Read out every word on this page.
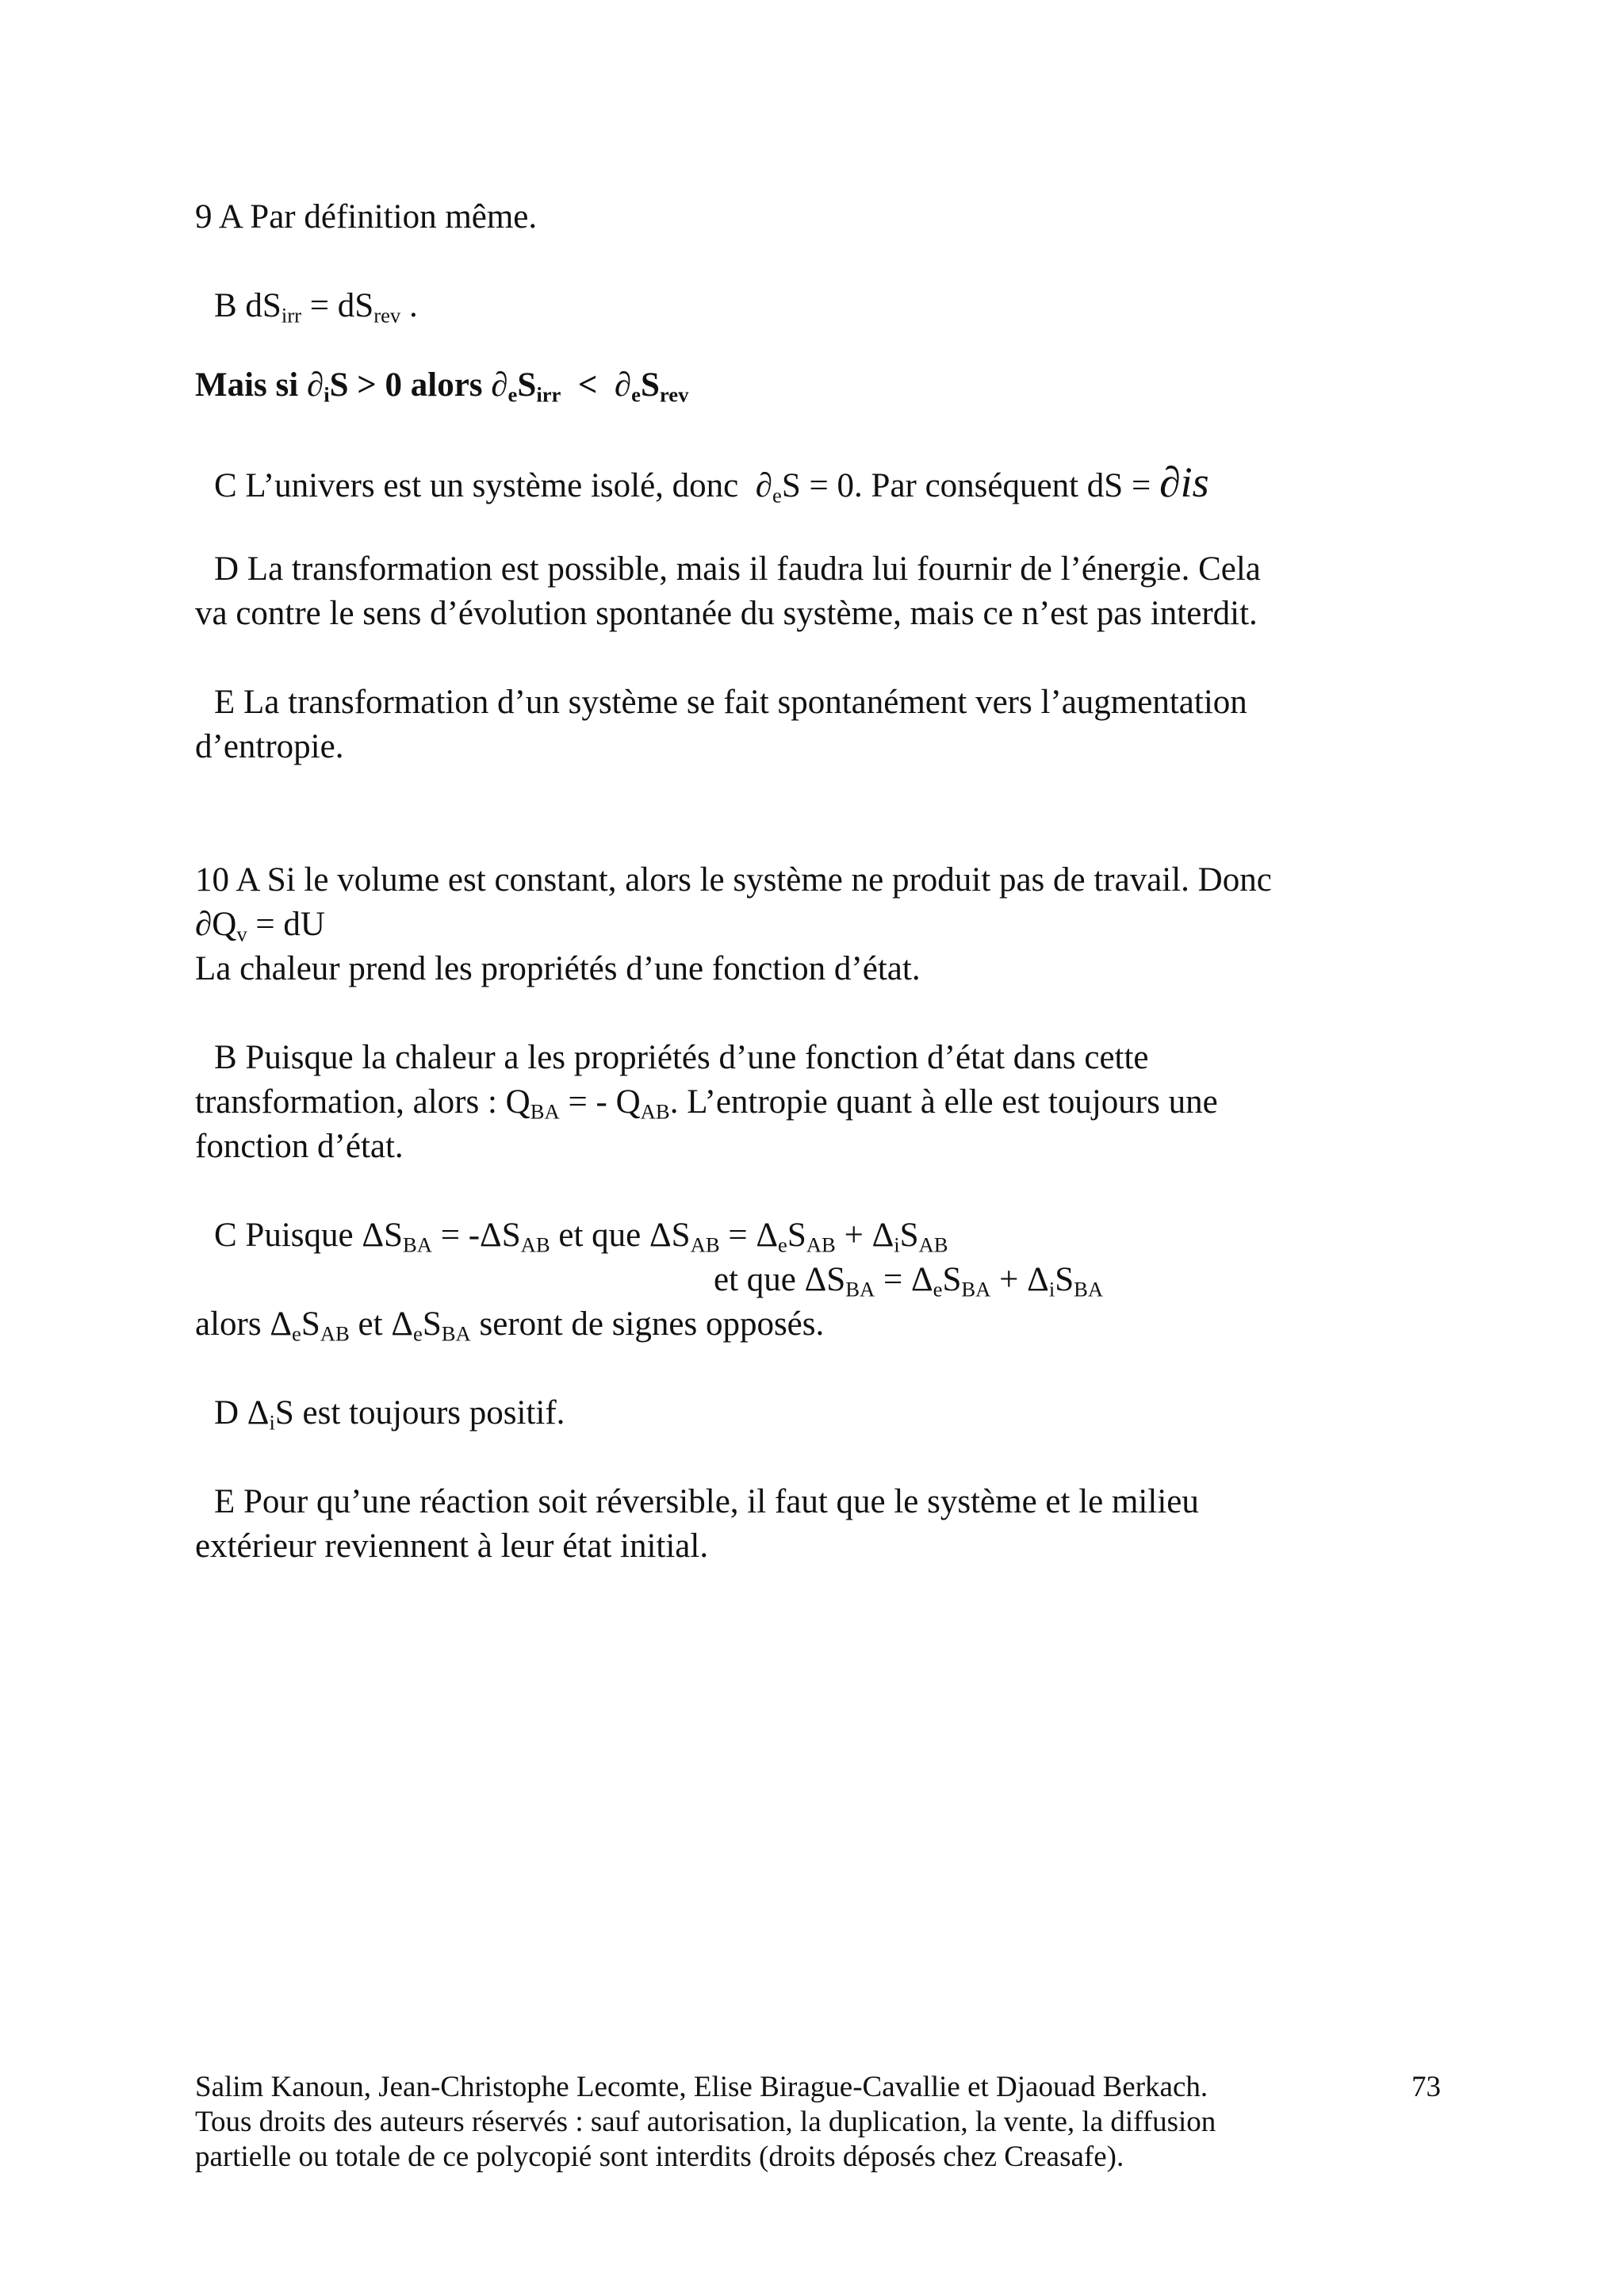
9 A Par définition même.
B $dS_{irr} = dS_{rev}$ .
Mais si $\partial_iS > 0$ alors $\partial_eS_{irr} < \partial_eS_{rev}$
C L’univers est un système isolé, donc  $\partial_eS = 0$. Par conséquent dS = ∂is
D La transformation est possible, mais il faudra lui fournir de l’énergie. Cela
va contre le sens d’évolution spontanée du système, mais ce n’est pas interdit.
E La transformation d’un système se fait spontanément vers l’augmentation
d’entropie.
10 A Si le volume est constant, alors le système ne produit pas de travail. Donc
$\partial Q_v$ = dU
La chaleur prend les propriétés d’une fonction d’état.
B Puisque la chaleur a les propriétés d’une fonction d’état dans cette
transformation, alors : $Q_{BA}$ = - $Q_{AB}$. L’entropie quant à elle est toujours une
fonction d’état.
C Puisque $\Delta S_{BA} = -\Delta S_{AB}$ et que $\Delta S_{AB} = \Delta_eS_{AB} + \Delta_iS_{AB}$
et que $\Delta S_{BA} = \Delta_eS_{BA} + \Delta_iS_{BA}$
alors $\Delta_eS_{AB}$ et $\Delta_eS_{BA}$ seront de signes opposés.
D $\Delta_iS$ est toujours positif.
E Pour qu’une réaction soit réversible, il faut que le système et le milieu
extérieur reviennent à leur état initial.
Salim Kanoun, Jean-Christophe Lecomte, Elise Birague-Cavallie et Djaouad Berkach.
Tous droits des auteurs réservés : sauf autorisation, la duplication, la vente, la diffusion
partielle ou totale de ce polycopié sont interdits (droits déposés chez Creasafe).
73
